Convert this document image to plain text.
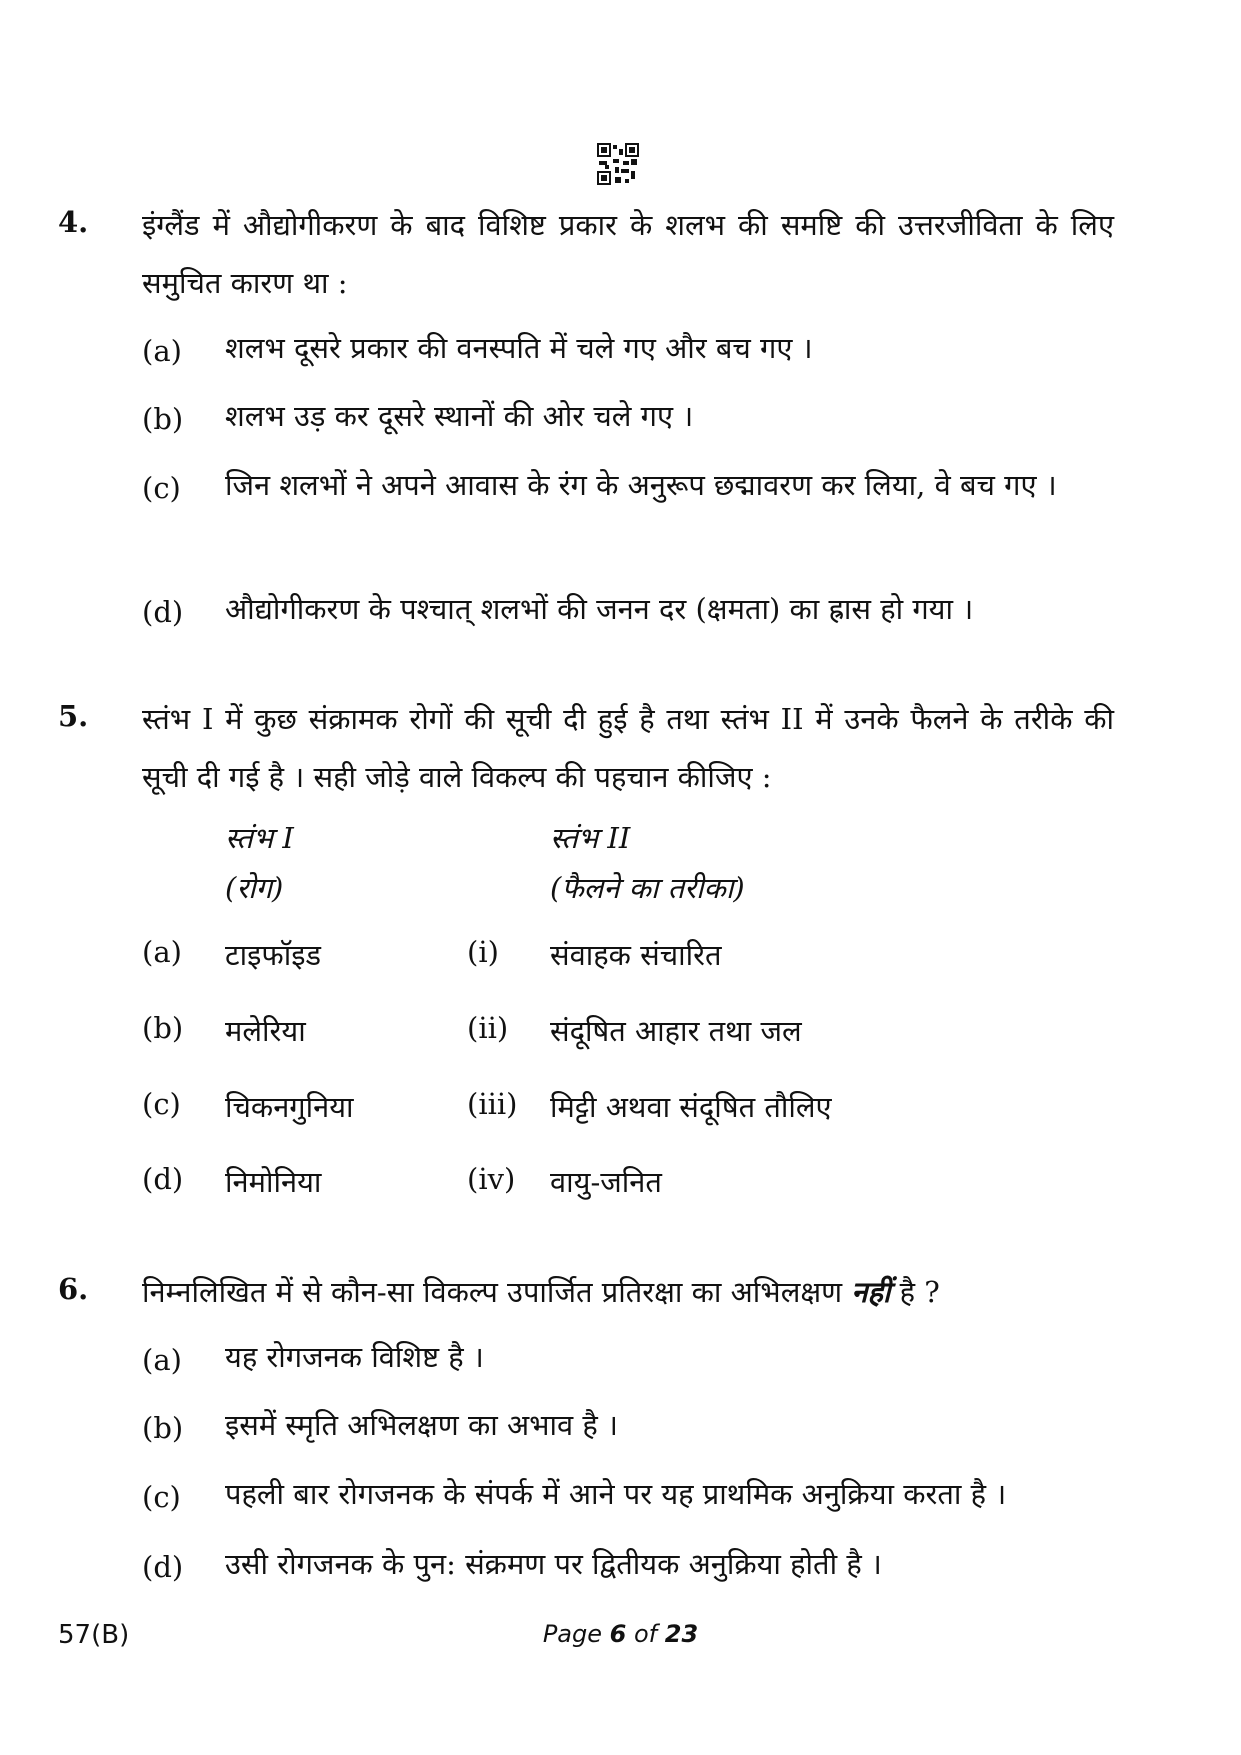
4. इंग्लैंड में औद्योगीकरण के बाद विशिष्ट प्रकार के शलभ की समष्टि की उत्तरजीविता के लिए समुचित कारण था :
(a) शलभ दूसरे प्रकार की वनस्पति में चले गए और बच गए ।
(b) शलभ उड़ कर दूसरे स्थानों की ओर चले गए ।
(c) जिन शलभों ने अपने आवास के रंग के अनुरूप छद्मावरण कर लिया, वे बच गए ।
(d) औद्योगीकरण के पश्चात् शलभों की जनन दर (क्षमता) का ह्रास हो गया ।
5. स्तंभ I में कुछ संक्रामक रोगों की सूची दी हुई है तथा स्तंभ II में उनके फैलने के तरीके की सूची दी गई है । सही जोड़े वाले विकल्प की पहचान कीजिए :
स्तंभ I
(रोग)
स्तंभ II
(फैलने का तरीका)
(a) टाइफॉइड	(i) संवाहक संचारित
(b) मलेरिया	(ii) संदूषित आहार तथा जल
(c) चिकनगुनिया	(iii) मिट्टी अथवा संदूषित तौलिए
(d) निमोनिया	(iv) वायु-जनित
6. निम्नलिखित में से कौन-सा विकल्प उपार्जित प्रतिरक्षा का अभिलक्षण नहीं है ?
(a) यह रोगजनक विशिष्ट है ।
(b) इसमें स्मृति अभिलक्षण का अभाव है ।
(c) पहली बार रोगजनक के संपर्क में आने पर यह प्राथमिक अनुक्रिया करता है ।
(d) उसी रोगजनक के पुन: संक्रमण पर द्वितीयक अनुक्रिया होती है ।
57(B)	Page 6 of 23
